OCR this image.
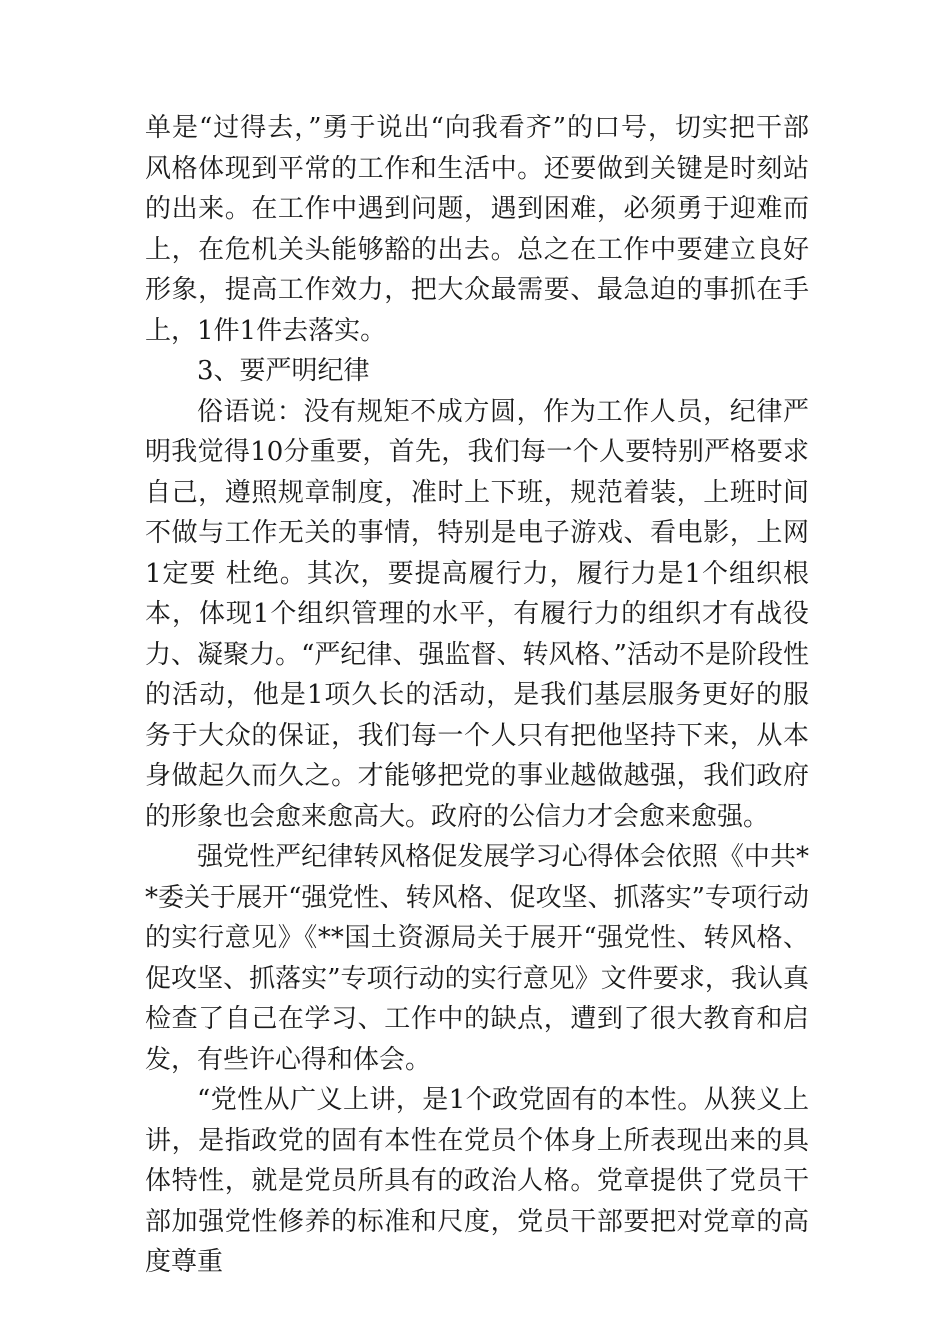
单是“过得去，”勇于说出“向我看齐”的口号，切实把干部风格体现到平常的工作和生活中。还要做到关键是时刻站的出来。在工作中遇到问题，遇到困难，必须勇于迎难而上，在危机关头能够豁的出去。总之在工作中要建立良好形象，提高工作效力，把大众最需要、最急迫的事抓在手上，1件1件去落实。

3、要严明纪律

俗语说：没有规矩不成方圆，作为工作人员，纪律严明我觉得10分重要，首先，我们每一个人要特别严格要求自己，遵照规章制度，准时上下班，规范着装，上班时间不做与工作无关的事情，特别是电子游戏、看电影，上网1定要 杜绝。其次，要提高履行力，履行力是1个组织根本，体现1个组织管理的水平，有履行力的组织才有战役力、凝聚力。“严纪律、强监督、转风格、”活动不是阶段性的活动，他是1项久长的活动，是我们基层服务更好的服务于大众的保证，我们每一个人只有把他坚持下来，从本身做起久而久之。才能够把党的事业越做越强，我们政府的形象也会愈来愈高大。政府的公信力才会愈来愈强。

强党性严纪律转风格促发展学习心得体会依照《中共**委关于展开“强党性、转风格、促攻坚、抓落实”专项行动的实行意见》《**国土资源局关于展开“强党性、转风格、促攻坚、抓落实”专项行动的实行意见》文件要求，我认真检查了自己在学习、工作中的缺点，遭到了很大教育和启发，有些许心得和体会。

“党性从广义上讲，是1个政党固有的本性。从狭义上讲，是指政党的固有本性在党员个体身上所表现出来的具体特性，就是党员所具有的政治人格。党章提供了党员干部加强党性修养的标准和尺度，党员干部要把对党章的高度尊重
